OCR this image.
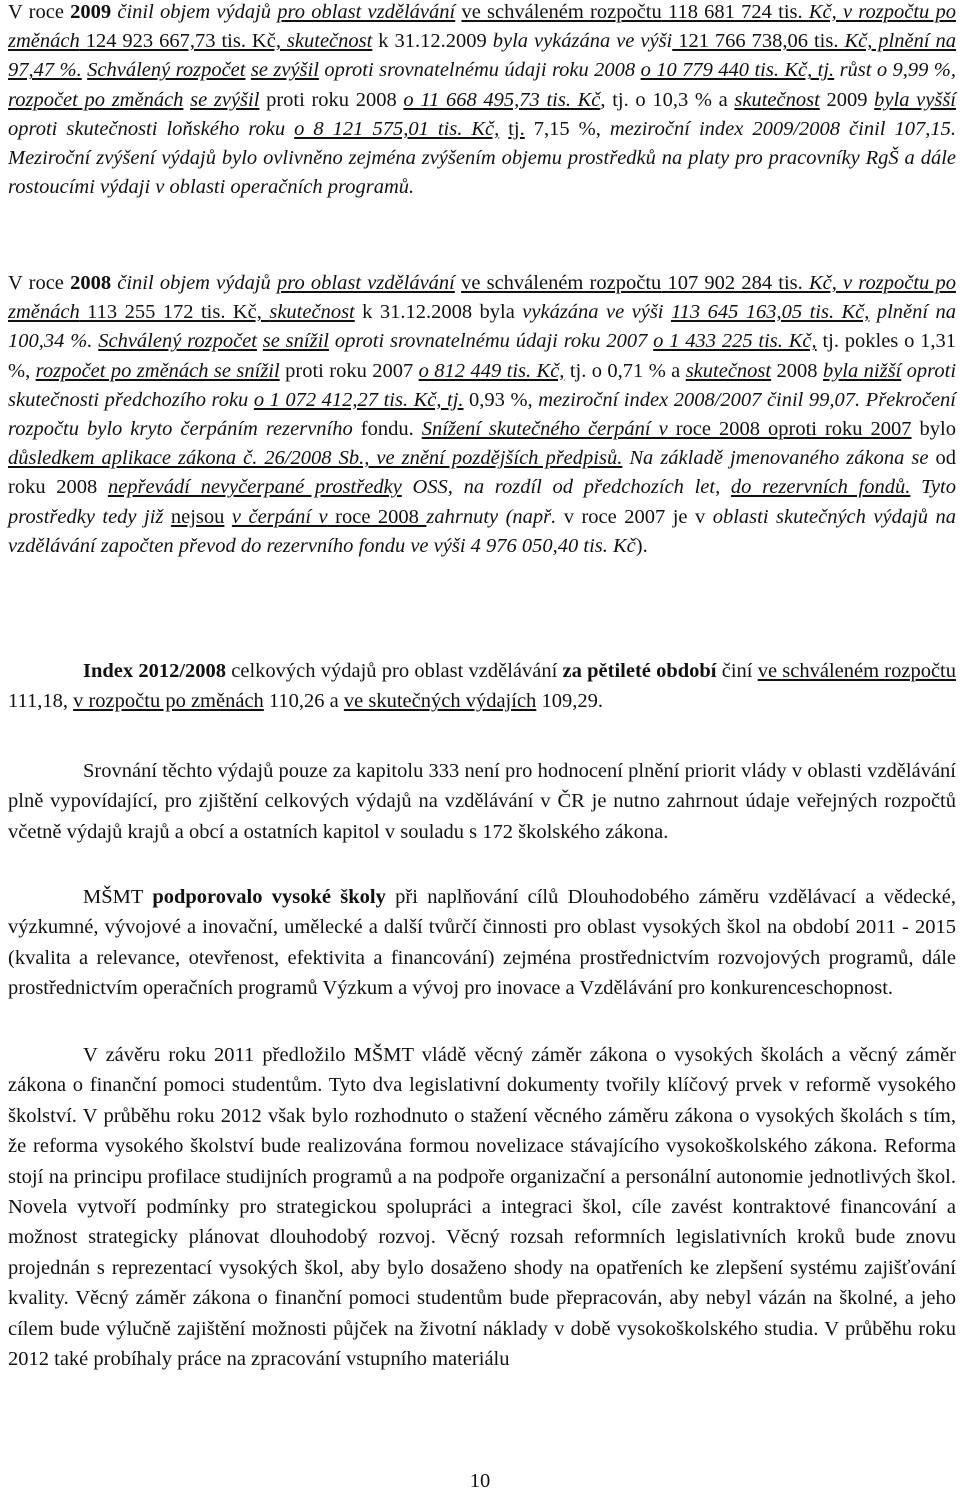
V roce 2009 činil objem výdajů pro oblast vzdělávání ve schváleném rozpočtu 118 681 724 tis. Kč, v rozpočtu po změnách 124 923 667,73 tis. Kč, skutečnost k 31.12.2009 byla vykázána ve výši 121 766 738,06 tis. Kč, plnění na 97,47 %. Schválený rozpočet se zvýšil oproti srovnatelnému údaji roku 2008 o 10 779 440 tis. Kč, tj. růst o 9,99 %, rozpočet po změnách se zvýšil proti roku 2008 o 11 668 495,73 tis. Kč, tj. o 10,3 % a skutečnost 2009 byla vyšší oproti skutečnosti loňského roku o 8 121 575,01 tis. Kč, tj. 7,15 %, meziroční index 2009/2008 činil 107,15. Meziroční zvýšení výdajů bylo ovlivněno zejména zvýšením objemu prostředků na platy pro pracovníky RgŠ a dále rostoucími výdaji v oblasti operačních programů.

V roce 2008 činil objem výdajů pro oblast vzdělávání ve schváleném rozpočtu 107 902 284 tis. Kč, v rozpočtu po změnách 113 255 172 tis. Kč, skutečnost k 31.12.2008 byla vykázána ve výši 113 645 163,05 tis. Kč, plnění na 100,34 %. Schválený rozpočet se snížil oproti srovnatelnému údaji roku 2007 o 1 433 225 tis. Kč, tj. pokles o 1,31 %, rozpočet po změnách se snížil proti roku 2007 o 812 449 tis. Kč, tj. o 0,71 % a skutečnost 2008 byla nižší oproti skutečnosti předchozího roku o 1 072 412,27 tis. Kč, tj. 0,93 %, meziroční index 2008/2007 činil 99,07. Překročení rozpočtu bylo kryto čerpáním rezervního fondu. Snížení skutečného čerpání v roce 2008 oproti roku 2007 bylo důsledkem aplikace zákona č. 26/2008 Sb., ve znění pozdějších předpisů. Na základě jmenovaného zákona se od roku 2008 nepřevádí nevyčerpané prostředky OSS, na rozdíl od předchozích let, do rezervních fondů. Tyto prostředky tedy již nejsou v čerpání v roce 2008 zahrnuty (např. v roce 2007 je v oblasti skutečných výdajů na vzdělávání započten převod do rezervního fondu ve výši 4 976 050,40 tis. Kč).

Index 2012/2008 celkových výdajů pro oblast vzdělávání za pětileté období činí ve schváleném rozpočtu 111,18, v rozpočtu po změnách 110,26 a ve skutečných výdajích 109,29.

Srovnání těchto výdajů pouze za kapitolu 333 není pro hodnocení plnění priorit vlády v oblasti vzdělávání plně vypovídající, pro zjištění celkových výdajů na vzdělávání v ČR je nutno zahrnout údaje veřejných rozpočtů včetně výdajů krajů a obcí a ostatních kapitol v souladu s 172 školského zákona.

MŠMT podporovalo vysoké školy při naplňování cílů Dlouhodobého záměru vzdělávací a vědecké, výzkumné, vývojové a inovační, umělecké a další tvůrčí činnosti pro oblast vysokých škol na období 2011 - 2015 (kvalita a relevance, otevřenost, efektivita a financování) zejména prostřednictvím rozvojových programů, dále prostřednictvím operačních programů Výzkum a vývoj pro inovace a Vzdělávání pro konkurenceschopnost.

V závěru roku 2011 předložilo MŠMT vládě věcný záměr zákona o vysokých školách a věcný záměr zákona o finanční pomoci studentům. Tyto dva legislativní dokumenty tvořily klíčový prvek v reformě vysokého školství. V průběhu roku 2012 však bylo rozhodnuto o stažení věcného záměru zákona o vysokých školách s tím, že reforma vysokého školství bude realizována formou novelizace stávajícího vysokoškolského zákona. Reforma stojí na principu profilace studijních programů a na podpoře organizační a personální autonomie jednotlivých škol. Novela vytvoří podmínky pro strategickou spolupráci a integraci škol, cíle zavést kontraktové financování a možnost strategicky plánovat dlouhodobý rozvoj. Věcný rozsah reformních legislativních kroků bude znovu projednán s reprezentací vysokých škol, aby bylo dosaženo shody na opatřeních ke zlepšení systému zajišťování kvality. Věcný záměr zákona o finanční pomoci studentům bude přepracován, aby nebyl vázán na školné, a jeho cílem bude výlučně zajištění možnosti půjček na životní náklady v době vysokoškolského studia. V průběhu roku 2012 také probíhaly práce na zpracování vstupního materiálu

10
